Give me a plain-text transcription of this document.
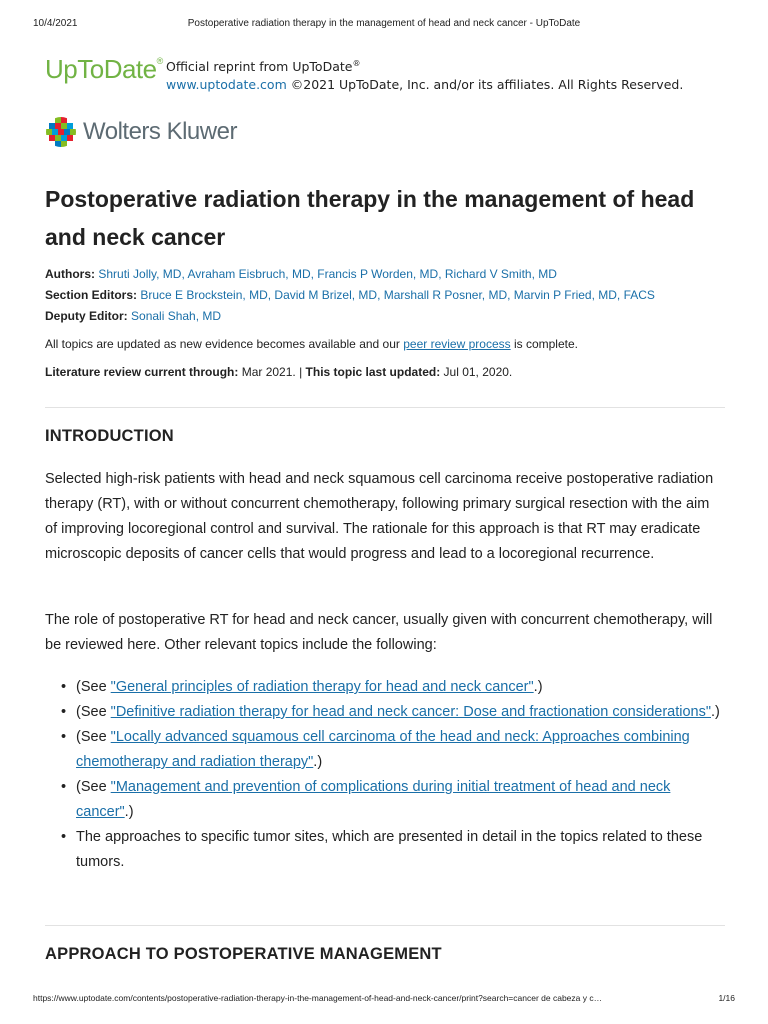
10/4/2021	Postoperative radiation therapy in the management of head and neck cancer - UpToDate
UpToDate® Official reprint from UpToDate®
www.uptodate.com ©2021 UpToDate, Inc. and/or its affiliates. All Rights Reserved.
Wolters Kluwer
Postoperative radiation therapy in the management of head and neck cancer
Authors: Shruti Jolly, MD, Avraham Eisbruch, MD, Francis P Worden, MD, Richard V Smith, MD
Section Editors: Bruce E Brockstein, MD, David M Brizel, MD, Marshall R Posner, MD, Marvin P Fried, MD, FACS
Deputy Editor: Sonali Shah, MD
All topics are updated as new evidence becomes available and our peer review process is complete.
Literature review current through: Mar 2021. | This topic last updated: Jul 01, 2020.
INTRODUCTION

Selected high-risk patients with head and neck squamous cell carcinoma receive postoperative radiation therapy (RT), with or without concurrent chemotherapy, following primary surgical resection with the aim of improving locoregional control and survival. The rationale for this approach is that RT may eradicate microscopic deposits of cancer cells that would progress and lead to a locoregional recurrence.

The role of postoperative RT for head and neck cancer, usually given with concurrent chemotherapy, will be reviewed here. Other relevant topics include the following:

• (See "General principles of radiation therapy for head and neck cancer".)
• (See "Definitive radiation therapy for head and neck cancer: Dose and fractionation considerations".)
• (See "Locally advanced squamous cell carcinoma of the head and neck: Approaches combining chemotherapy and radiation therapy".)
• (See "Management and prevention of complications during initial treatment of head and neck cancer".)
• The approaches to specific tumor sites, which are presented in detail in the topics related to these tumors.
APPROACH TO POSTOPERATIVE MANAGEMENT
https://www.uptodate.com/contents/postoperative-radiation-therapy-in-the-management-of-head-and-neck-cancer/print?search=cancer de cabeza y c…	1/16
